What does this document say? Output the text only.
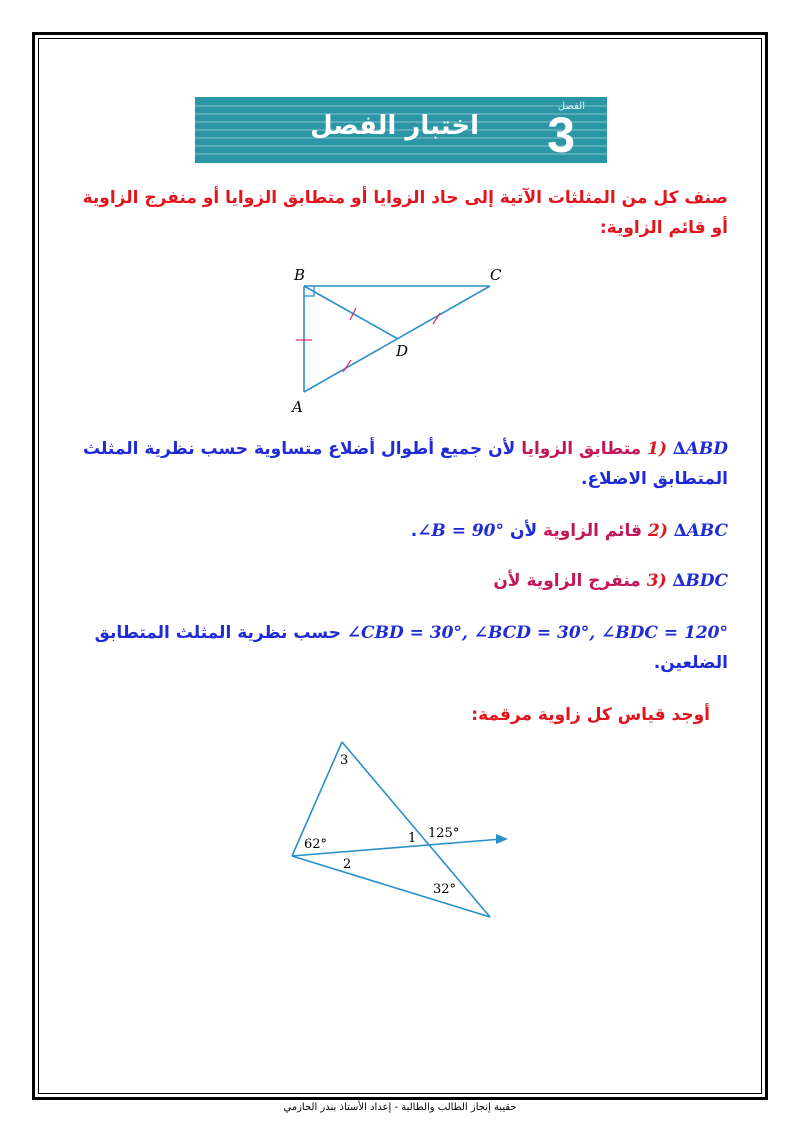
اختبار الفصل
الفصل
3
صنف كل من المثلثات الآتية إلى حاد الزوايا أو متطابق الزوايا أو منفرج الزاوية أو قائم الزاوية:
B	C
D
A
1) ∆ABD متطابق الزوايا لأن جميع أطوال أضلاع متساوية حسب نظرية المثلث المتطابق الاضلاع.
2) ∆ABC قائم الزاوية لأن ∠B = 90°.
3) ∆BDC منفرج الزاوية لأن
∠CBD = 30°, ∠BCD = 30°, ∠BDC = 120° حسب نظرية المثلث المتطابق الضلعين.
أوجد قياس كل زاوية مرقمة:
3
62°	1 125°
2
32°
حقيبة إنجاز الطالب والطالبة - إعداد الأستاذ بندر الحازمي
